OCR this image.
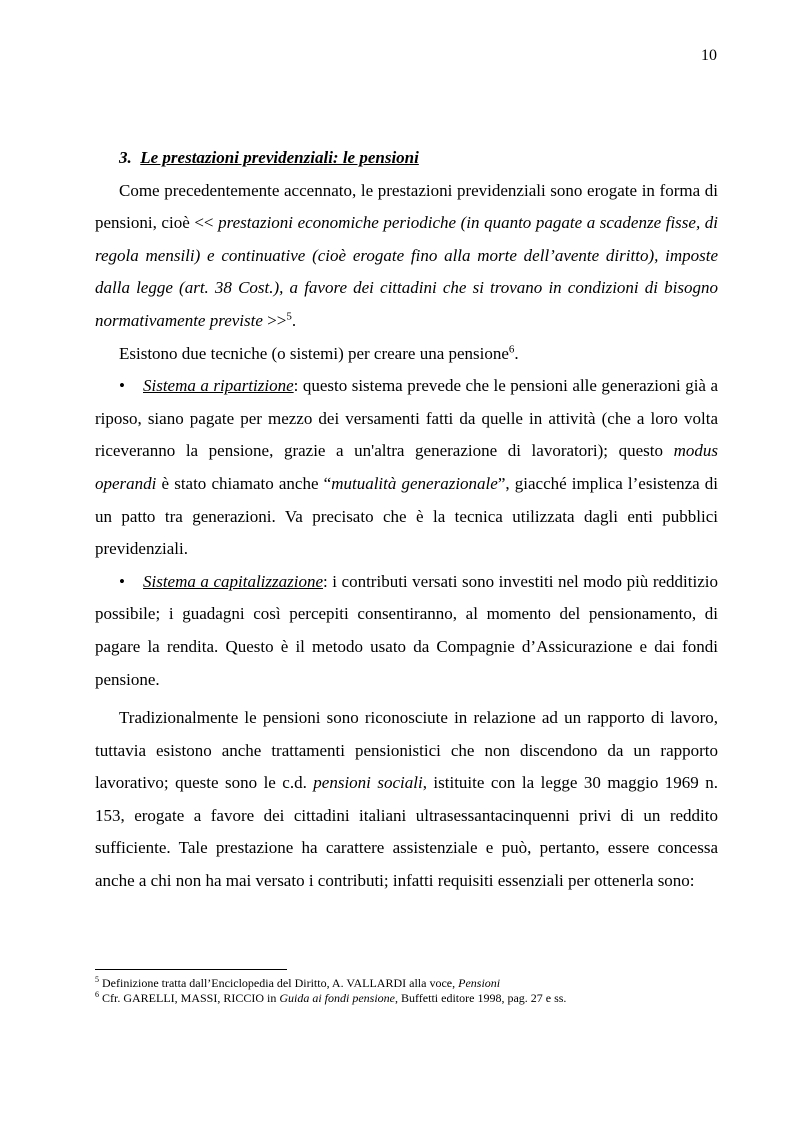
10
3. Le prestazioni previdenziali: le pensioni

Come precedentemente accennato, le prestazioni previdenziali sono erogate in forma di pensioni, cioè << prestazioni economiche periodiche (in quanto pagate a scadenze fisse, di regola mensili) e continuative (cioè erogate fino alla morte dell’avente diritto), imposte dalla legge (art. 38 Cost.), a favore dei cittadini che si trovano in condizioni di bisogno normativamente previste >>$^5$.

Esistono due tecniche (o sistemi) per creare una pensione$^6$.

• Sistema a ripartizione: questo sistema prevede che le pensioni alle generazioni già a riposo, siano pagate per mezzo dei versamenti fatti da quelle in attività (che a loro volta riceveranno la pensione, grazie a un'altra generazione di lavoratori); questo modus operandi è stato chiamato anche “mutualità generazionale”, giacché implica l’esistenza di un patto tra generazioni. Va precisato che è la tecnica utilizzata dagli enti pubblici previdenziali.

• Sistema a capitalizzazione: i contributi versati sono investiti nel modo più redditizio possibile; i guadagni così percepiti consentiranno, al momento del pensionamento, di pagare la rendita. Questo è il metodo usato da Compagnie d’Assicurazione e dai fondi pensione.

Tradizionalmente le pensioni sono riconosciute in relazione ad un rapporto di lavoro, tuttavia esistono anche trattamenti pensionistici che non discendono da un rapporto lavorativo; queste sono le c.d. pensioni sociali, istituite con la legge 30 maggio 1969 n. 153, erogate a favore dei cittadini italiani ultrasessantacinquenni privi di un reddito sufficiente. Tale prestazione ha carattere assistenziale e può, pertanto, essere concessa anche a chi non ha mai versato i contributi; infatti requisiti essenziali per ottenerla sono:

$^5$ Definizione tratta dall’Enciclopedia del Diritto, A. VALLARDI alla voce, Pensioni
$^6$ Cfr. GARELLI, MASSI, RICCIO in Guida ai fondi pensione, Buffetti editore 1998, pag. 27 e ss.
